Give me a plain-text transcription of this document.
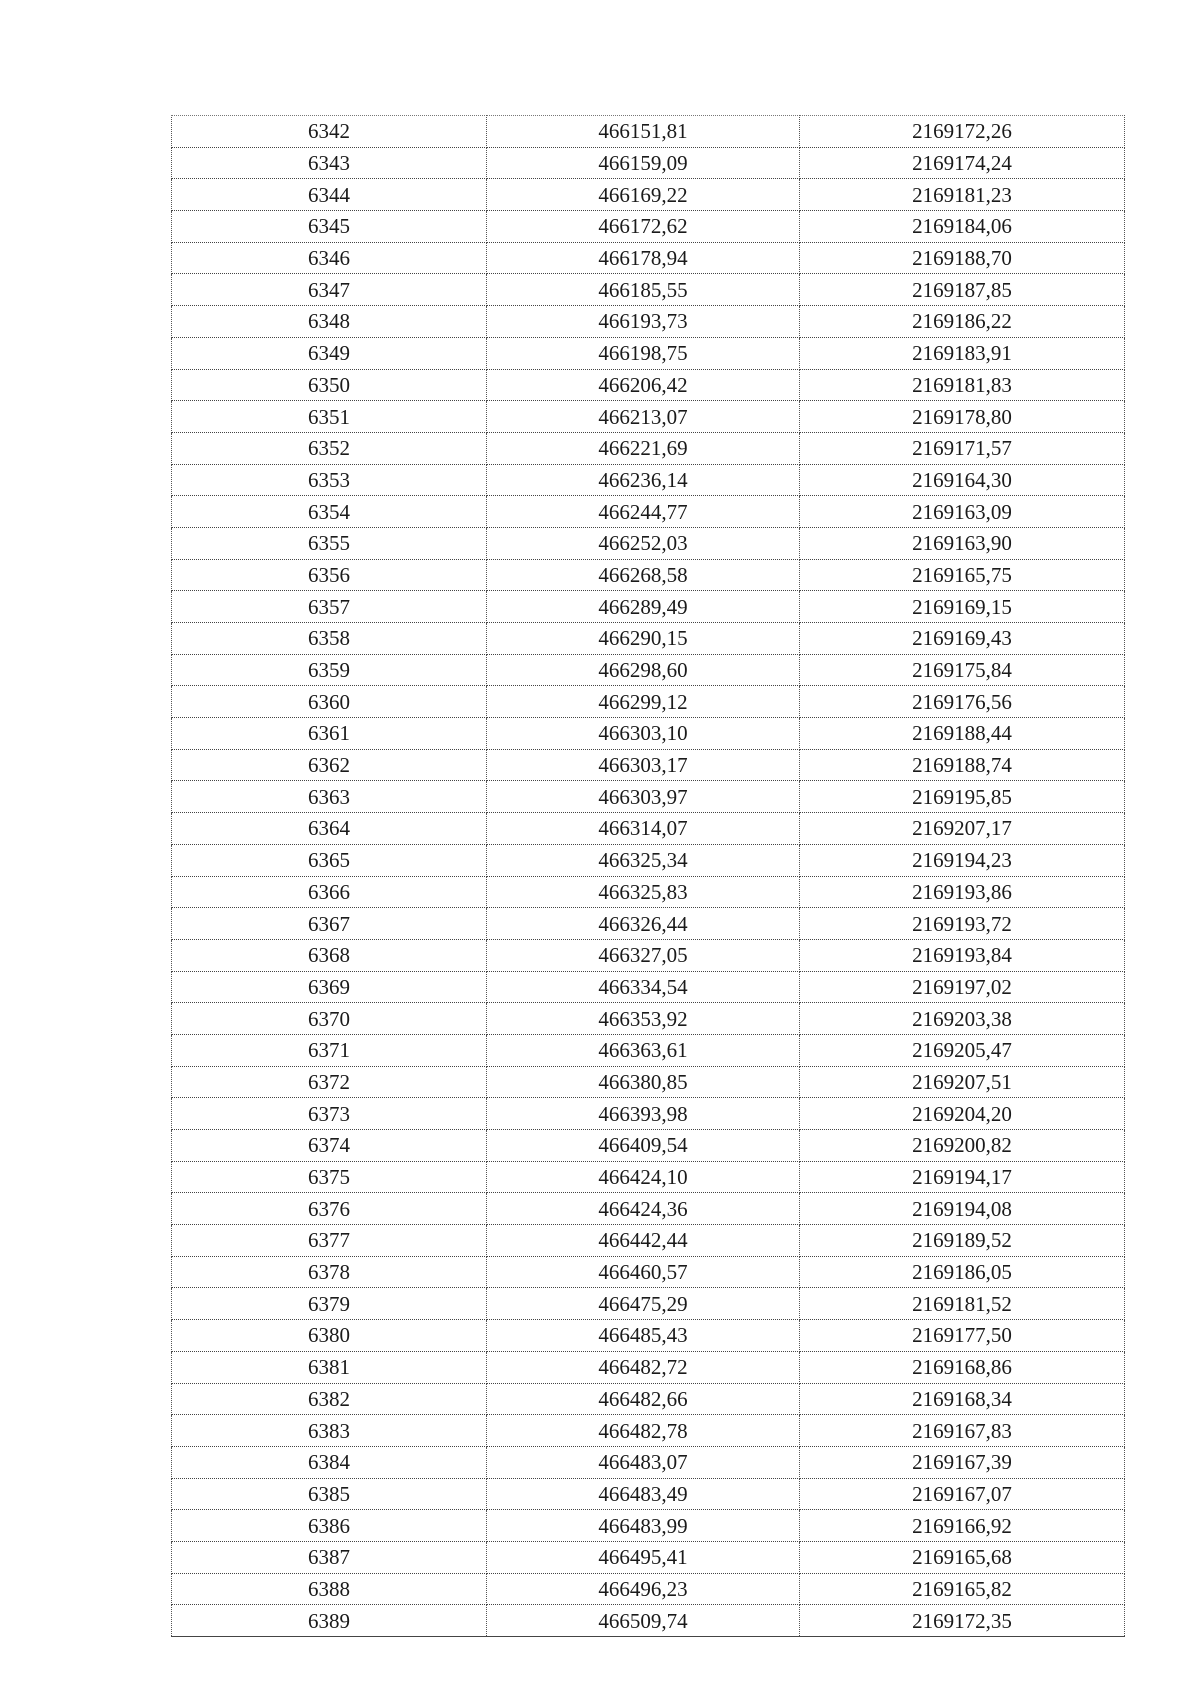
6342	466151,81	2169172,26
6343	466159,09	2169174,24
6344	466169,22	2169181,23
6345	466172,62	2169184,06
6346	466178,94	2169188,70
6347	466185,55	2169187,85
6348	466193,73	2169186,22
6349	466198,75	2169183,91
6350	466206,42	2169181,83
6351	466213,07	2169178,80
6352	466221,69	2169171,57
6353	466236,14	2169164,30
6354	466244,77	2169163,09
6355	466252,03	2169163,90
6356	466268,58	2169165,75
6357	466289,49	2169169,15
6358	466290,15	2169169,43
6359	466298,60	2169175,84
6360	466299,12	2169176,56
6361	466303,10	2169188,44
6362	466303,17	2169188,74
6363	466303,97	2169195,85
6364	466314,07	2169207,17
6365	466325,34	2169194,23
6366	466325,83	2169193,86
6367	466326,44	2169193,72
6368	466327,05	2169193,84
6369	466334,54	2169197,02
6370	466353,92	2169203,38
6371	466363,61	2169205,47
6372	466380,85	2169207,51
6373	466393,98	2169204,20
6374	466409,54	2169200,82
6375	466424,10	2169194,17
6376	466424,36	2169194,08
6377	466442,44	2169189,52
6378	466460,57	2169186,05
6379	466475,29	2169181,52
6380	466485,43	2169177,50
6381	466482,72	2169168,86
6382	466482,66	2169168,34
6383	466482,78	2169167,83
6384	466483,07	2169167,39
6385	466483,49	2169167,07
6386	466483,99	2169166,92
6387	466495,41	2169165,68
6388	466496,23	2169165,82
6389	466509,74	2169172,35
